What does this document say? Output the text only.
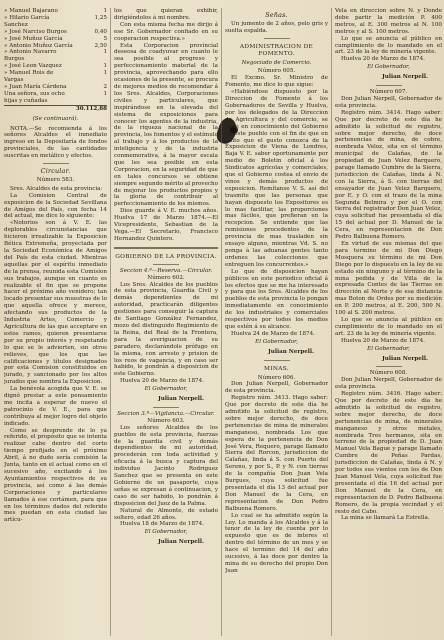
» Manuel Bajarano	1
» Hilario García Sanchez	1,25
» José Narciso Burgos	0,40
» José Muñoz García	5
» Antonio Muñoz García	2,50
» Antonio Navarro Burgos	1
» José Leon Vazquez	1
» Manuel Rois de Vargas	1
» Juan María Cárdena	2
Una señora, sus ocho hijas y cuñadas	1
	30.112,88

(Se continuará).

NOTA.—Se recomienda á los señores Alcaldes el inmediato ingreso en la Depositaría de fondos provinciales, de las cantidades suscritas en metálico y efectos.

Circular.

Número 583.

Sres. Alcaldes de esta provincia:

La Comision Central de exposicion de la Sociedad Sevillana de Amigos del País, con fecha 14 del actual, me dice lo siguiente:

«Notorios son á V. E. las deplorables circunstancias que hicieron irrealizable la Exposicion Bética Extremeña, proyectada por la Sociedad Económica de Amigos del País de esta ciudad. Mientras aquellas por el espíritu inmediato de la prensa, reunida esta Comision sus trabajos, aunque en cuanto es realizable el fin que se propone hacer el próximo año venidero; tan locado presentar sus muestras de lo que aquella ofrece y merece, afectando sus productos de la Industria Artes, Comercio y Agricultura de las que acceptare en estos ramos, quieren presentarse por su propio interés y respetando lo que se le advierten, sin otros relieves, que los que las calificaciones y títulos designados por esta Comision constituidos en jurado, y sancionado por los altos jurados que nombra la Exposicion.

La benévola acogida que V. E. se dignó prestar a este pensamiento me incita a esperar de nuevo el patrocinio de V. E., para que contribuya al mejor logro del objeto indicado.

Como se desprende de lo ya referido, el propósito que se intenta realizar cabe dentro del corto tiempo prefijado en el próximo Abril, á no dudo sería comisión la Junta, tanto en el actual como en el sucesivo año, excitando á los Ayuntamientos respectivos de su provincia, así como á las demás Corporaciones y particulares llamados á ese certámen, para que en los términos dados del referido mes puedan en esta ciudad las artícu-

los que quieran exhibir, dirigiéndolos á mi nombre.

Con esta misma fecha me dirijo á ese Sr. Gobernador confiado en su cooperacion respectiva.»

Esta Corporacion provincial deseosa de coadyuvar en cuanto le sea posible al progreso y perfeccionamiento material de la provincia, aprovechando para ello ocasiones de la presente, se procura de mejores medios de recomendar á los Sres. Alcaldes, Corporaciones civiles y particulares, que inspirándose en la elevada del sistema de exposiciones para conocer los agentes de la industria, de la riqueza nacional de la provincia, los fomentos y el estímulo al trabajo y á los productos de la inteligencia y de la industria conmemorativa, á la mayor escala que les sea posible en esta Corporacion, en la seguridad de que en tales concursos se obtiene siempre segundo mérito al provecho de mejorar los productos propios y la gloria de contribuir al perfeccionamiento de los mismos.

Dios guarde á V. E. muchos años. Huelva 17 de Marzo 1874.—El Vicepresidente, Sebastian de la Vega.—El Secretario, Francisco Hernandez Quintero.

GOBIERNO DE LA PROVINCIA.

Seccion 4.ª—Reserva.—Circular.

Número 602.

Los Sres. Alcaldes de los pueblos de esta provincia, Guardia Civil y demás dependientes de mi autoridad, practicarán diligentes gestiones para conseguir la captura de Santiago González Fernandez, mozo del distinguido Regimiento de la Reina, del Real de la Frontera, para la averiguacion de su paradero, declarándole prófugo en la misma, con arresto y prision de los reos de vagancia, y en caso ser habido, le pondrán á disposicion de este Gobierno.

Huelva 20 de Marzo de 1874.

El Gobernador,

Julian Nerpell.

Seccion 3.ª—Vigilancia.—Circular.

Número 603.

Los señores Alcaldes de los pueblos de esta provincia, fuerzas de la guardia civil y demás dependientes de mi autoridad, procederán con toda actividad y eficacia á la busca y captura del individuo Jacinto Rodriguez Sanchez que se presenta en este Gobierno de un pasaporte, cuya señas se expresan á continuacion, y caso de ser habido, lo pondrán á disposicion del Juez de la Palma.

Natural de Almonte, de estado soltero, edad 26 años.

Huelva 18 de Marzo de 1874.

El Gobernador,

Julian Nerpell.

Señas.

Un jumento de 2 años, pelo gris y suelta espalda.

ADMINISTRACION DE FOMENTO.

Negociado de Comercio.

Número 605.

El Excmo. Sr. Ministro de Fomento, me dice lo que sigue:

«Habiéndose dispuesto por la Direccion de Fomento á los Gobernadores de Sevilla y Huelva, por los delegados de la Direccion de Agricultura y del comercio, se pone en conocimiento del Gobierno de este pueblo con el fin de que en tanto que el gusto conozca de la Exposicion de Viena de Londres, Baja V. E. saber oportunamente por medio de Boletin oficial á los Sindicatos agrícolas y comerciales, que el Gobierno costea el envio de vinos y demás productos de exposicion. Remítanse V. S. así del trasmite que las personas que hayan dispuesto los Expositores es lo mas facilitar, las proporciones mas fáciles, que prefieran en la recepcion. Se entiende que las remisiones procedentes de la provincia de mas trasladen sin ensayo alguno, mientras Vd. S. no ponga á las aduanas gentes tanto ordenes las colecciones que entreguen los concurrentes.»

Lo que de disposicion hayan públicos en este periodico oficial á los efectos que se me ha interesado y para que los Sres. Alcaldes de los pueblos de esta provincia lo pongan inmediatamente en conocimiento de los industriales y comerciales respectivos por todos los medios que estén á su alcance.

Huelva 24 de Marzo de 1874.

El Gobernador,

Julian Nerpell.

MINAS.

Número 606.

Don Julian Nerpell, Gobernador de esta provincia.

Registro núm. 3413. Hago saber: Que por decreto de este día he admitido la solicitud de registro, sobre mejor derecho, de doce pertenencias de mina de minerales manganeso, nombrada Los que espera de la pertenencia de Don José Vera, Requero, parage llamado Sierra del Rorcon, jurisdiccion de Calañas, linda á S. con Puerto del Sereno, y por S., P. y N. con tierras de la compañía Don Juan Vela Burgues, cuya solicitud fue presentada el día 13 del actual por Don Manuel de la Cera, en representacion de Don Pedro Balbuena Romero.

Lo cual se ha admitido según la Ley. Lo manda á los Alcaldes y á la tenor de la ley de cuenta por lo expuesto que es de interes el dentro del término de un mes y se hace el termino del 14 del año sucesivo, á las doce por dentro la mina de su derecho del propio Don Juan

Vela en direccion sobre N. y Donde debe partir la medición P. 400 metros, al E. 300 metros al N. 100 metros y al S. 100 metros.

Lo que se anuncia al público en cumplimiento de lo mandado en el art. 23 de la ley de minería vigente.

Huelva 20 de Marzo de 1874.

El Gobernador,

Julian Nerpell.

Número 607.

Don Julian Nerpell, Gobernador de esta provincia.

Registro núm. 3414. Hago saber: Que por decreto de este día he admitido la solicitud de registro, sobre mejor derecho, de doce pertenencias de mina, de cobre, nombrada Veloz, sita en el término municipal de Calañas, de la propiedad de Juan Velez Barquero, parage llamado Cumbre de la Sierra, jurisdiccion de Calañas, linda á N. con la Sierra, á S. con tierras del ensayador de Juan Velez Barquero, por E. y O. con el trazo de la mina Segunda Belmira y por el O. con tierra del registrador Don Juan Velez, cuya solicitud fue presentada el día 15 del actual por D. Manuel de la Cera, en representacion de Don Pedro Balbuena Romero.

En virtud de sus mismas del que para termino de mi Don Diego Mosquera su término de mi Don Diego por lo dispuesto en la ley de su estado sin ninguno y al término de la mina pedida y de Villa de la expresada Contes de las Tierras en dirección al Norte y de esa distancia mas Boton de Ordes por su medición en P. 200 metros, al E. 200, 500 N. 100 al S. 200 metros.

Lo que se anuncia al público en cumplimiento de lo mandado en el art. 23 de la ley de minería vigente.

Huelva 20 de Marzo de 1874.

El Gobernador,

Julian Nerpell.

Número 608.

Don Julian Nerpell, Gobernador de esta provincia.

Registro núm. 3416. Hago saber: Que por decreto de este día he admitido la solicitud de registro, sobre mejor derecho, de doce pertenencias de mina, de minerales manganeso y otros metales, nombrada Tres hermanos, sita en terreno de la propiedad de D. Juan Manuel Vela Bague y parage llamado Cumbre de Peñas Pardas, jurisdiccion de Calañas, linda á N. y por todos sus vientos con los de Don Juan Manuel Vela, cuya solicitud fue presentada el día 16 del actual por Don Manuel de la Cera, en representacion de D. Pedro Balbuena Romero, de la propia vecindad y el resto del Cabo.

La mina se llamará La Estrella.
